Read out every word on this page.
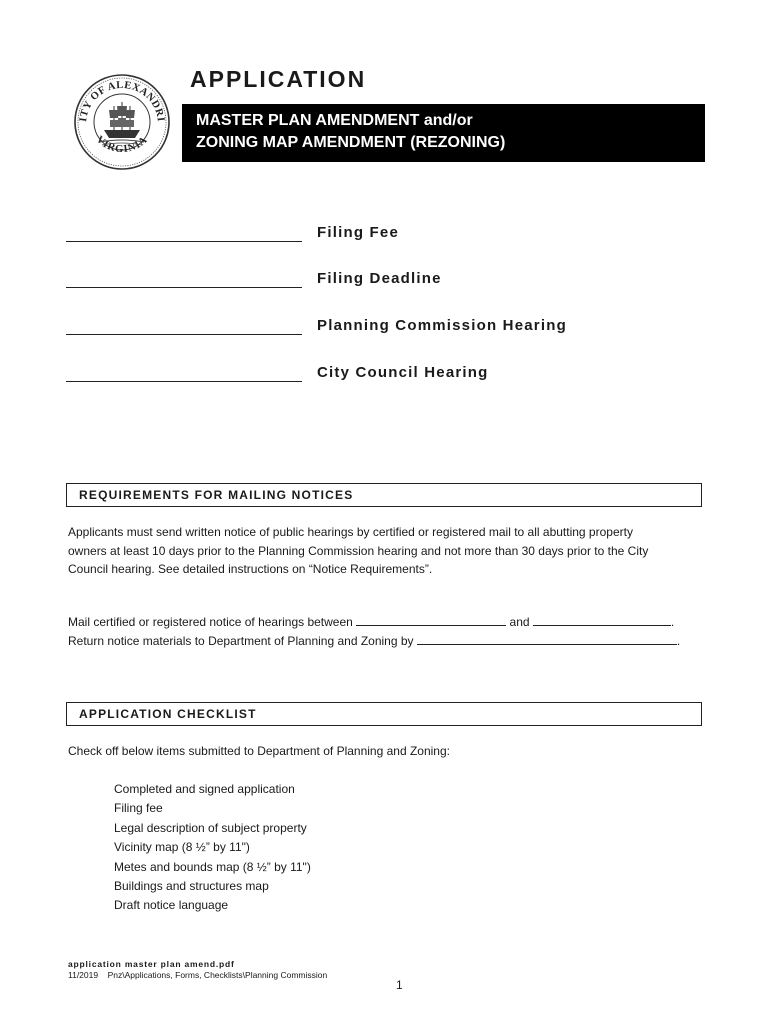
ITY OF ALEXANDRI
VIRGINIA
APPLICATION
MASTER PLAN AMENDMENT and/or
ZONING MAP AMENDMENT (REZONING)
Filing Fee
Filing Deadline
Planning Commission Hearing
City Council Hearing
REQUIREMENTS FOR MAILING NOTICES
Applicants must send written notice of public hearings by certified or registered mail to all abutting property
owners at least 10 days prior to the Planning Commission hearing and not more than 30 days prior to the City
Council hearing. See detailed instructions on “Notice Requirements”.
Mail certified or registered notice of hearings between	and	.
Return notice materials to Department of Planning and Zoning by	.
APPLICATION CHECKLIST
Check off below items submitted to Department of Planning and Zoning:
Completed and signed application
Filing fee
Legal description of subject property
Vicinity map (8 ½” by 11")
Metes and bounds map (8 ½” by 11")
Buildings and structures map
Draft notice language
application master plan amend.pdf
11/2019 Pnz\Applications, Forms, Checklists\Planning Commission
1
